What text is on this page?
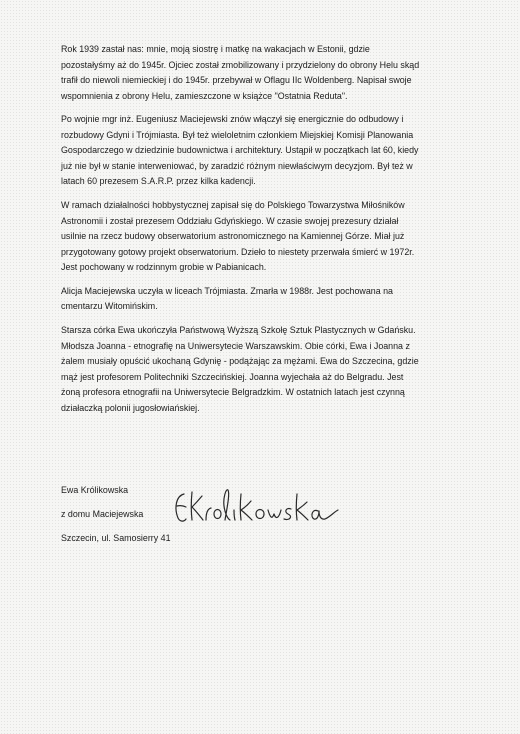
Rok 1939 zastał nas: mnie, moją siostrę i matkę na wakacjach w Estonii, gdzie
pozostałyśmy aż do 1945r. Ojciec został zmobilizowany i przydzielony do obrony Helu skąd
trafił do niewoli niemieckiej i do 1945r. przebywał w Oflagu IIc Woldenberg. Napisał swoje
wspomnienia z obrony Helu, zamieszczone w książce "Ostatnia Reduta".

Po wojnie mgr inż. Eugeniusz Maciejewski znów włączył się energicznie do odbudowy i
rozbudowy Gdyni i Trójmiasta. Był też wieloletnim członkiem Miejskiej Komisji Planowania
Gospodarczego w dziedzinie budownictwa i architektury. Ustąpił w początkach lat 60, kiedy
już nie był w stanie interweniować, by zaradzić różnym niewłaściwym decyzjom. Był też w
latach 60 prezesem S.A.R.P. przez kilka kadencji.

W ramach działalności hobbystycznej zapisał się do Polskiego Towarzystwa Miłośników
Astronomii i został prezesem Oddziału Gdyńskiego. W czasie swojej prezesury działał
usilnie na rzecz budowy obserwatorium astronomicznego na Kamiennej Górze. Miał już
przygotowany gotowy projekt obserwatorium. Dzieło to niestety przerwała śmierć w 1972r.
Jest pochowany w rodzinnym grobie w Pabianicach.

Alicja Maciejewska uczyła w liceach Trójmiasta. Zmarła w 1988r. Jest pochowana na
cmentarzu Witomińskim.

Starsza córka Ewa ukończyła Państwową Wyższą Szkołę Sztuk Plastycznych w Gdańsku.
Młodsza Joanna - etnografię na Uniwersytecie Warszawskim. Obie córki, Ewa i Joanna z
żalem musiały opuścić ukochaną Gdynię - podążając za mężami. Ewa do Szczecina, gdzie
mąż jest profesorem Politechniki Szczecińskiej. Joanna wyjechała aż do Belgradu. Jest
żoną profesora etnografii na Uniwersytecie Belgradzkim. W ostatnich latach jest czynną
działaczką polonii jugosłowiańskiej.

Ewa Królikowska
z domu Maciejewska
Szczecin, ul. Samosierry 41
